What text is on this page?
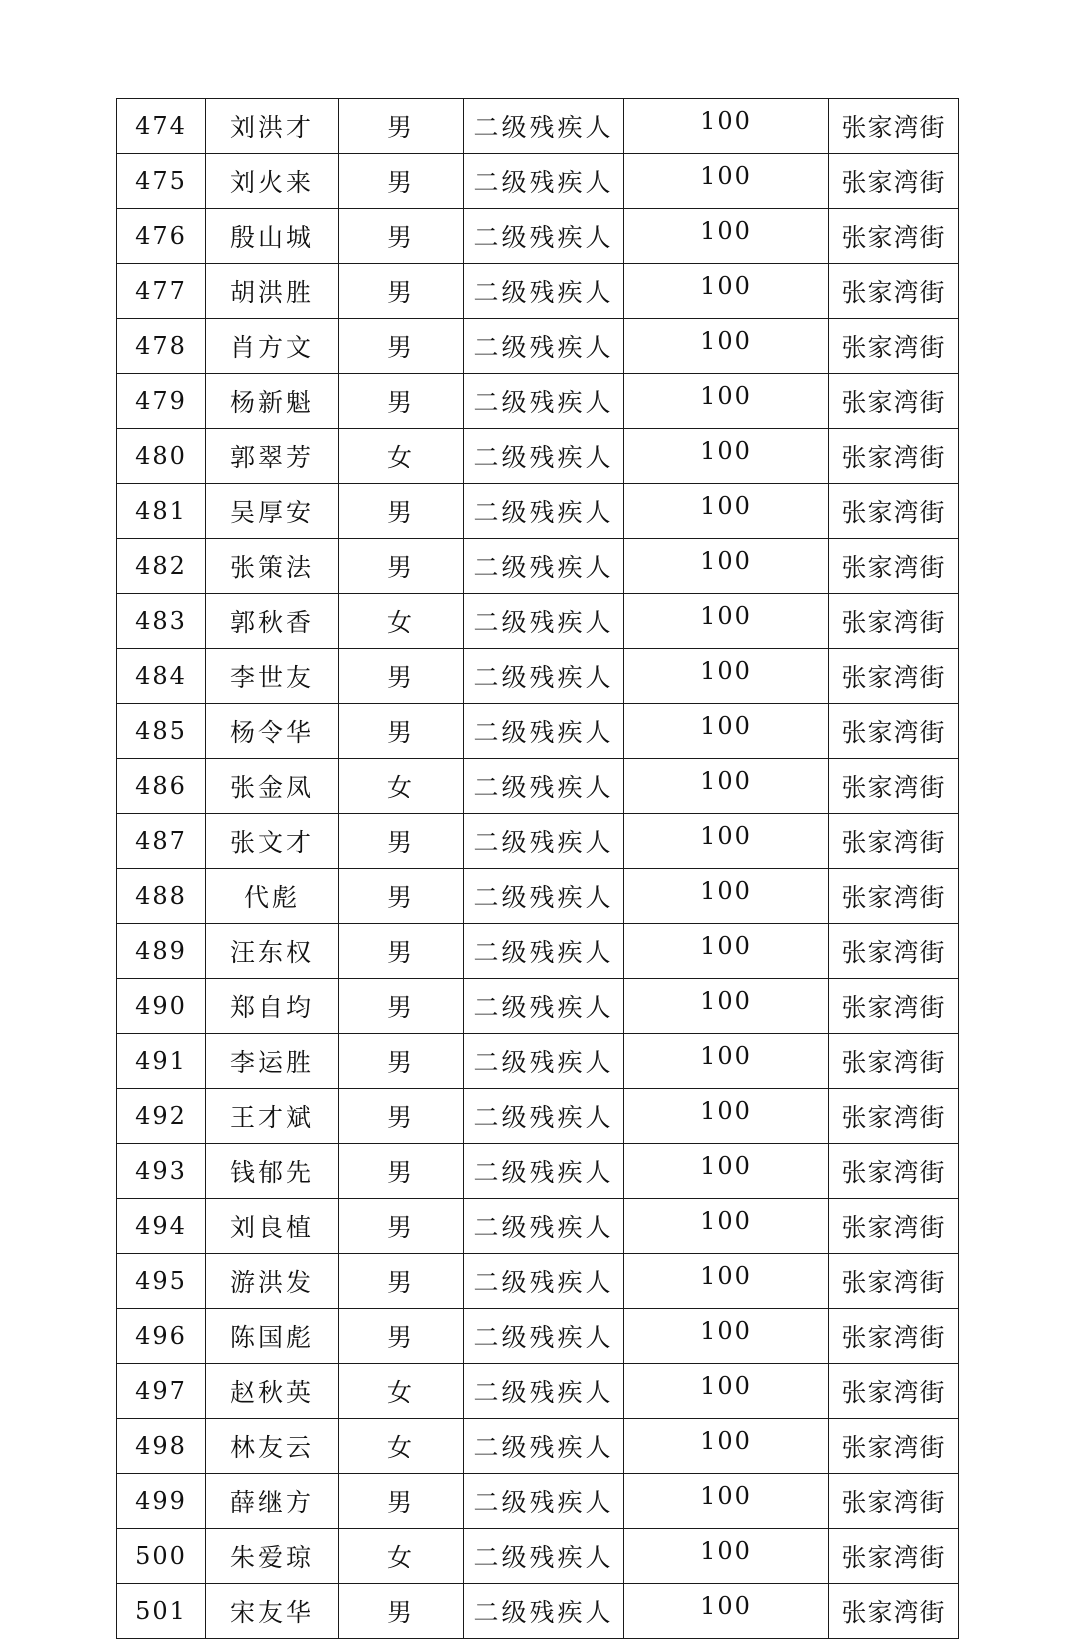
474	刘洪才	男	二级残疾人	100	张家湾街
475	刘火来	男	二级残疾人	100	张家湾街
476	殷山城	男	二级残疾人	100	张家湾街
477	胡洪胜	男	二级残疾人	100	张家湾街
478	肖方文	男	二级残疾人	100	张家湾街
479	杨新魁	男	二级残疾人	100	张家湾街
480	郭翠芳	女	二级残疾人	100	张家湾街
481	吴厚安	男	二级残疾人	100	张家湾街
482	张策法	男	二级残疾人	100	张家湾街
483	郭秋香	女	二级残疾人	100	张家湾街
484	李世友	男	二级残疾人	100	张家湾街
485	杨令华	男	二级残疾人	100	张家湾街
486	张金凤	女	二级残疾人	100	张家湾街
487	张文才	男	二级残疾人	100	张家湾街
488	代彪	男	二级残疾人	100	张家湾街
489	汪东权	男	二级残疾人	100	张家湾街
490	郑自均	男	二级残疾人	100	张家湾街
491	李运胜	男	二级残疾人	100	张家湾街
492	王才斌	男	二级残疾人	100	张家湾街
493	钱郁先	男	二级残疾人	100	张家湾街
494	刘良植	男	二级残疾人	100	张家湾街
495	游洪发	男	二级残疾人	100	张家湾街
496	陈国彪	男	二级残疾人	100	张家湾街
497	赵秋英	女	二级残疾人	100	张家湾街
498	林友云	女	二级残疾人	100	张家湾街
499	薛继方	男	二级残疾人	100	张家湾街
500	朱爱琼	女	二级残疾人	100	张家湾街
501	宋友华	男	二级残疾人	100	张家湾街
